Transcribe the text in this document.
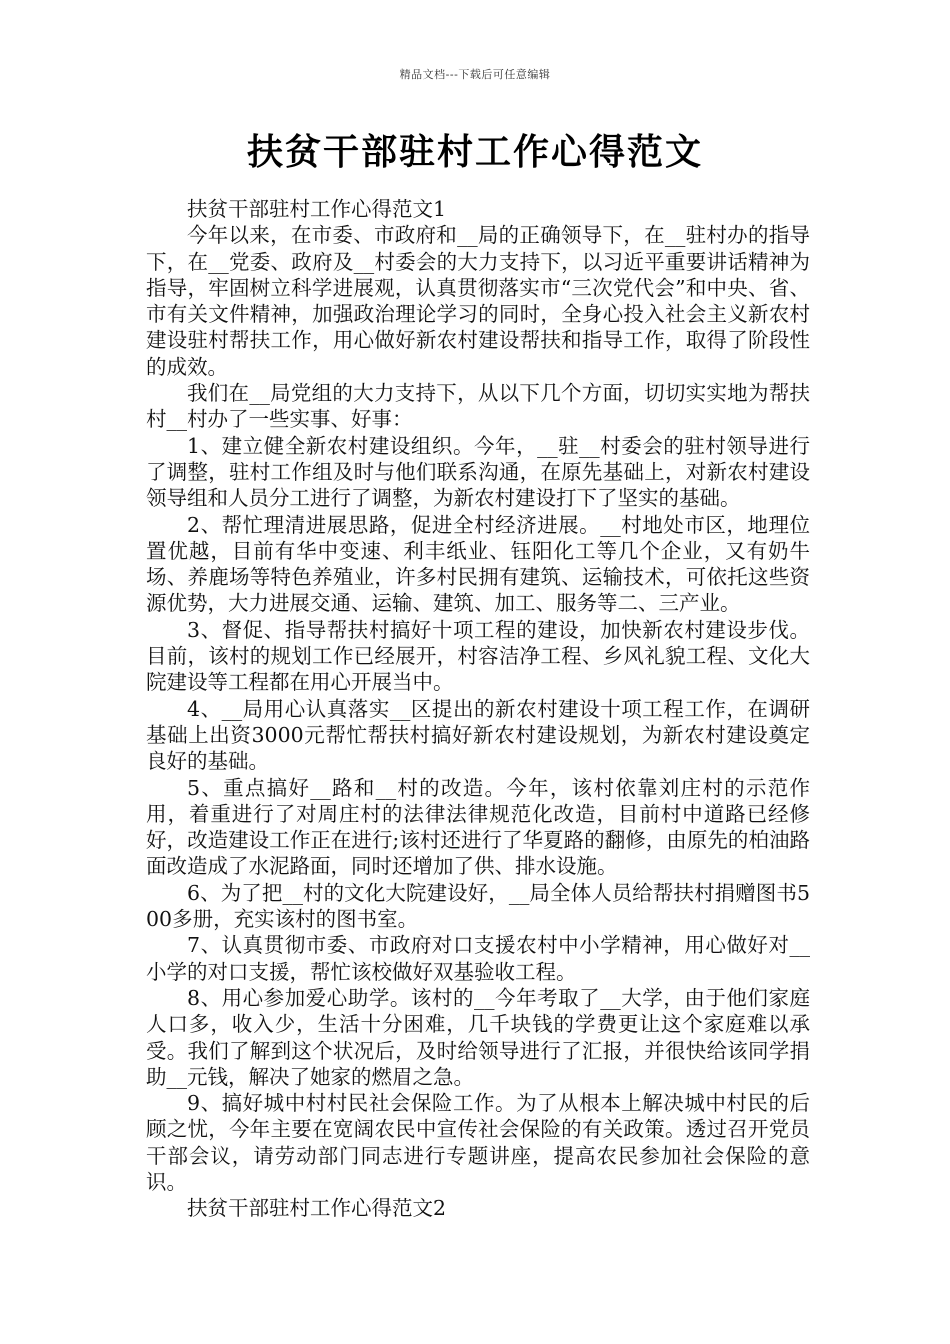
精品文档---下载后可任意编辑
扶贫干部驻村工作心得范文

扶贫干部驻村工作心得范文1

今年以来，在市委、市政府和__局的正确领导下，在__驻村办的指导下，在__党委、政府及__村委会的大力支持下，以习近平重要讲话精神为指导，牢固树立科学进展观，认真贯彻落实市“三次党代会”和中央、省、市有关文件精神，加强政治理论学习的同时，全身心投入社会主义新农村建设驻村帮扶工作，用心做好新农村建设帮扶和指导工作，取得了阶段性的成效。

我们在__局党组的大力支持下，从以下几个方面，切切实实地为帮扶村__村办了一些实事、好事：

1、建立健全新农村建设组织。今年，__驻__村委会的驻村领导进行了调整，驻村工作组及时与他们联系沟通，在原先基础上，对新农村建设领导组和人员分工进行了调整，为新农村建设打下了坚实的基础。

2、帮忙理清进展思路，促进全村经济进展。__村地处市区，地理位置优越，目前有华中变速、利丰纸业、钰阳化工等几个企业，又有奶牛场、养鹿场等特色养殖业，许多村民拥有建筑、运输技术，可依托这些资源优势，大力进展交通、运输、建筑、加工、服务等二、三产业。

3、督促、指导帮扶村搞好十项工程的建设，加快新农村建设步伐。目前，该村的规划工作已经展开，村容洁净工程、乡风礼貌工程、文化大院建设等工程都在用心开展当中。

4、__局用心认真落实__区提出的新农村建设十项工程工作，在调研基础上出资3000元帮忙帮扶村搞好新农村建设规划，为新农村建设奠定良好的基础。

5、重点搞好__路和__村的改造。今年，该村依靠刘庄村的示范作用，着重进行了对周庄村的法律法律规范化改造，目前村中道路已经修好，改造建设工作正在进行;该村还进行了华夏路的翻修，由原先的柏油路面改造成了水泥路面，同时还增加了供、排水设施。

6、为了把__村的文化大院建设好，__局全体人员给帮扶村捐赠图书500多册，充实该村的图书室。

7、认真贯彻市委、市政府对口支援农村中小学精神，用心做好对__小学的对口支援，帮忙该校做好双基验收工程。

8、用心参加爱心助学。该村的__今年考取了__大学，由于他们家庭人口多，收入少，生活十分困难，几千块钱的学费更让这个家庭难以承受。我们了解到这个状况后，及时给领导进行了汇报，并很快给该同学捐助__元钱，解决了她家的燃眉之急。

9、搞好城中村村民社会保险工作。为了从根本上解决城中村民的后顾之忧，今年主要在宽阔农民中宣传社会保险的有关政策。透过召开党员干部会议，请劳动部门同志进行专题讲座，提高农民参加社会保险的意识。

扶贫干部驻村工作心得范文2
